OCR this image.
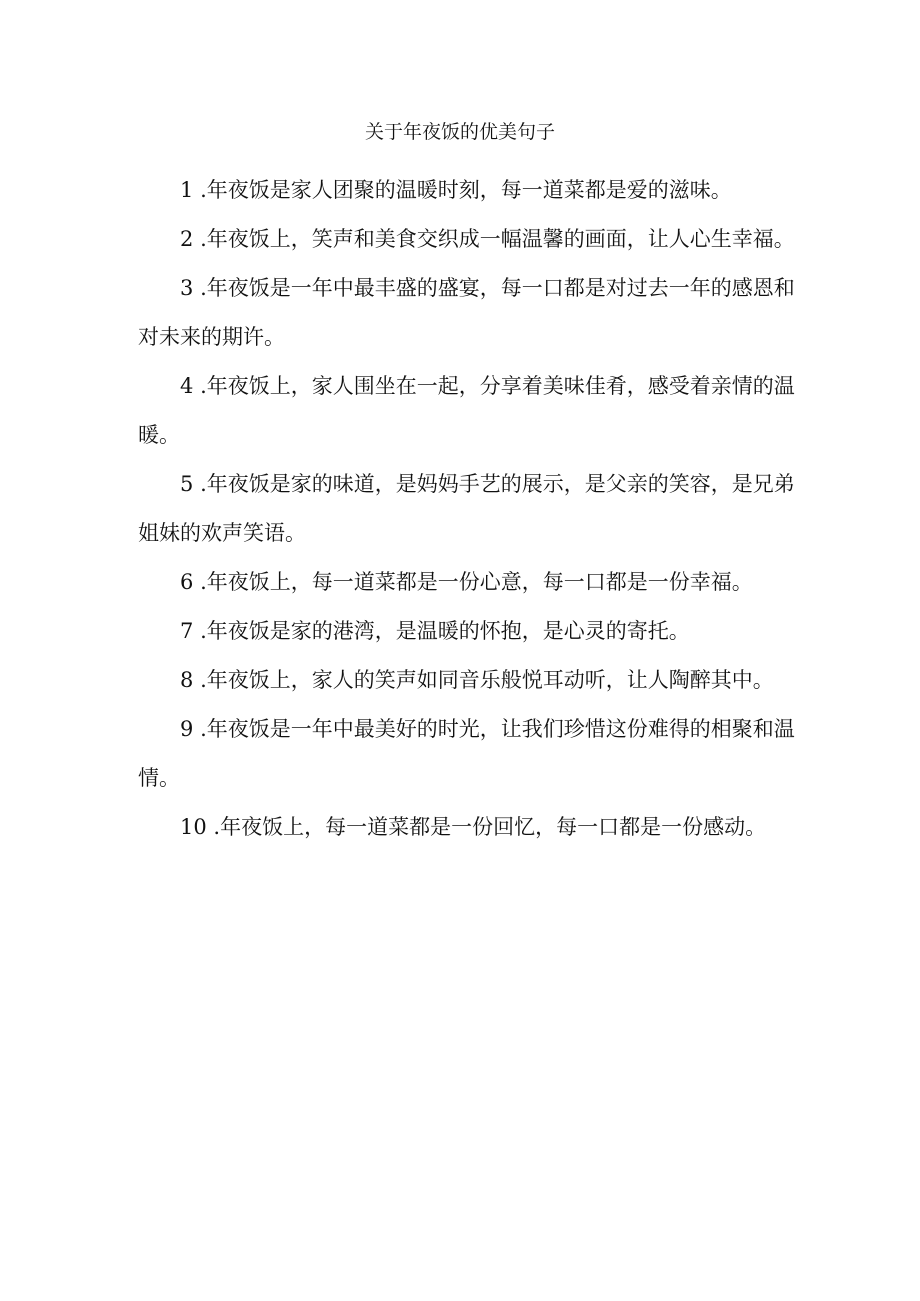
关于年夜饭的优美句子

1 .年夜饭是家人团聚的温暖时刻，每一道菜都是爱的滋味。

2 .年夜饭上，笑声和美食交织成一幅温馨的画面，让人心生幸福。

3 .年夜饭是一年中最丰盛的盛宴，每一口都是对过去一年的感恩和对未来的期许。

4 .年夜饭上，家人围坐在一起，分享着美味佳肴，感受着亲情的温暖。

5 .年夜饭是家的味道，是妈妈手艺的展示，是父亲的笑容，是兄弟姐妹的欢声笑语。

6 .年夜饭上，每一道菜都是一份心意，每一口都是一份幸福。

7 .年夜饭是家的港湾，是温暖的怀抱，是心灵的寄托。

8 .年夜饭上，家人的笑声如同音乐般悦耳动听，让人陶醉其中。

9 .年夜饭是一年中最美好的时光，让我们珍惜这份难得的相聚和温情。

10 .年夜饭上，每一道菜都是一份回忆，每一口都是一份感动。
